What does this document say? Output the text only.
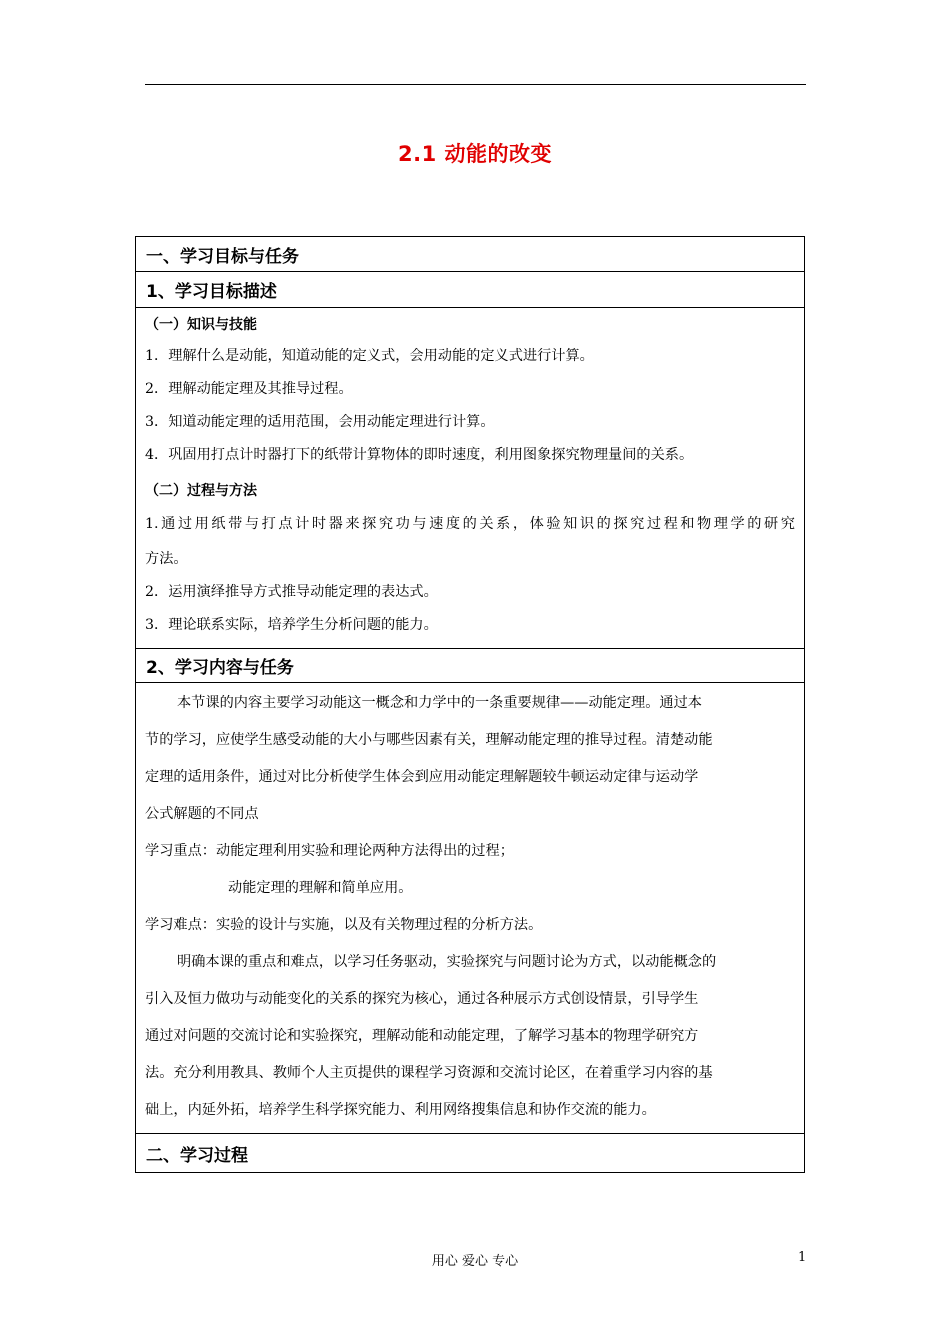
2.1 动能的改变
一、学习目标与任务
1、学习目标描述
（一）知识与技能
1．理解什么是动能，知道动能的定义式，会用动能的定义式进行计算。
2．理解动能定理及其推导过程。
3．知道动能定理的适用范围，会用动能定理进行计算。
4．巩固用打点计时器打下的纸带计算物体的即时速度，利用图象探究物理量间的关系。
（二）过程与方法
1.通过用纸带与打点计时器来探究功与速度的关系，体验知识的探究过程和物理学的研究
方法。
2．运用演绎推导方式推导动能定理的表达式。
3．理论联系实际，培养学生分析问题的能力。
2、学习内容与任务
本节课的内容主要学习动能这一概念和力学中的一条重要规律——动能定理。通过本
节的学习，应使学生感受动能的大小与哪些因素有关，理解动能定理的推导过程。清楚动能
定理的适用条件，通过对比分析使学生体会到应用动能定理解题较牛顿运动定律与运动学
公式解题的不同点
学习重点：动能定理利用实验和理论两种方法得出的过程；
动能定理的理解和简单应用。
学习难点：实验的设计与实施，以及有关物理过程的分析方法。
明确本课的重点和难点，以学习任务驱动，实验探究与问题讨论为方式，以动能概念的
引入及恒力做功与动能变化的关系的探究为核心，通过各种展示方式创设情景，引导学生
通过对问题的交流讨论和实验探究，理解动能和动能定理，了解学习基本的物理学研究方
法。充分利用教具、教师个人主页提供的课程学习资源和交流讨论区，在着重学习内容的基
础上，内延外拓，培养学生科学探究能力、利用网络搜集信息和协作交流的能力。
二、学习过程
用心 爱心 专心	1
